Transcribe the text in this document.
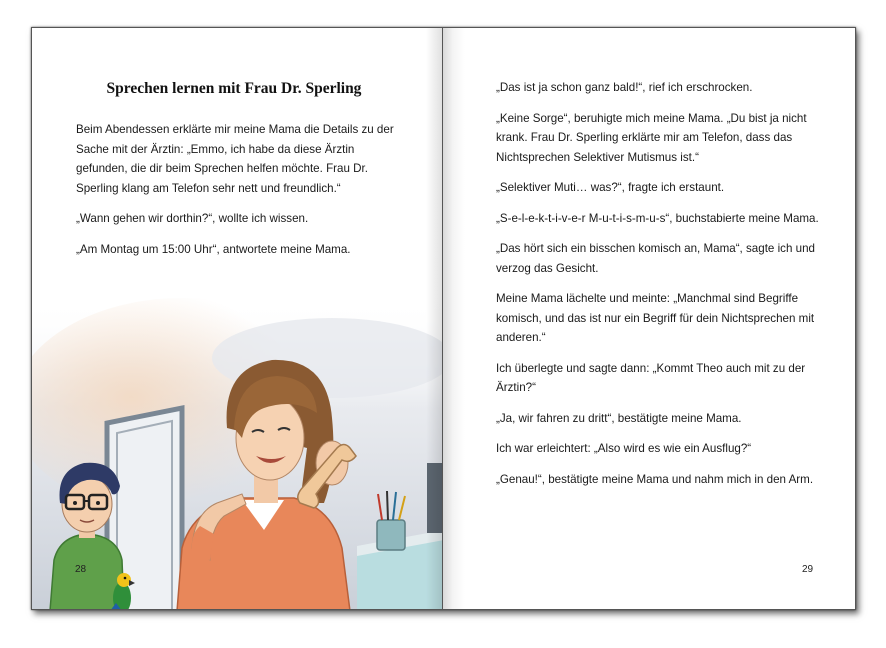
Sprechen lernen mit Frau Dr. Sperling

Beim Abendessen erklärte mir meine Mama die Details zu der Sache mit der Ärztin: „Emmo, ich habe da diese Ärztin gefunden, die dir beim Sprechen helfen möchte. Frau Dr. Sperling klang am Telefon sehr nett und freundlich.“

„Wann gehen wir dorthin?“, wollte ich wissen.

„Am Montag um 15:00 Uhr“, antwortete meine Mama.

„Das ist ja schon ganz bald!“, rief ich erschrocken.

„Keine Sorge“, beruhigte mich meine Mama. „Du bist ja nicht krank. Frau Dr. Sperling erklärte mir am Telefon, dass das Nichtsprechen Selektiver Mutismus ist.“

„Selektiver Muti… was?“, fragte ich erstaunt.

„S-e-l-e-k-t-i-v-e-r M-u-t-i-s-m-u-s“, buchstabierte meine Mama.

„Das hört sich ein bisschen komisch an, Mama“, sagte ich und verzog das Gesicht.

Meine Mama lächelte und meinte: „Manchmal sind Begriffe komisch, und das ist nur ein Begriff für dein Nichtsprechen mit anderen.“

Ich überlegte und sagte dann: „Kommt Theo auch mit zu der Ärztin?“

„Ja, wir fahren zu dritt“, bestätigte meine Mama.

Ich war erleichtert: „Also wird es wie ein Ausflug?“

„Genau!“, bestätigte meine Mama und nahm mich in den Arm.

28	29
